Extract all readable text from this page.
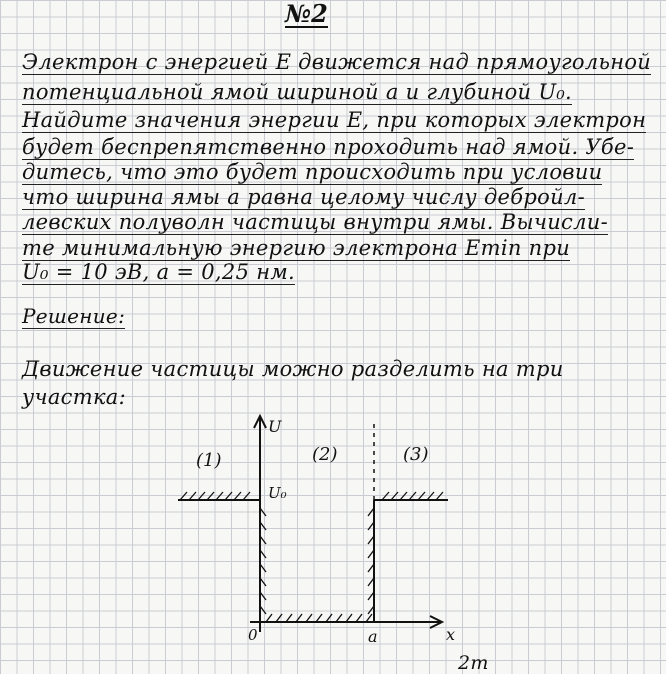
№2
Электрон с энергией E движется над прямоугольной
потенциальной ямой шириной a и глубиной U₀.
Найдите значения энергии E, при которых электрон
будет беспрепятственно проходить над ямой. Убе-
дитесь, что это будет происходить при условии
что ширина ямы a равна целому числу дебройл-
левских полуволн частицы внутри ямы. Вычисли-
те минимальную энергию электрона Emin при
U₀ = 10 эВ, a = 0,25 нм.
Решение:
Движение частицы можно разделить на три
участка:
U
x
(1)	(2)	(3)
U₀
0	a
2m
